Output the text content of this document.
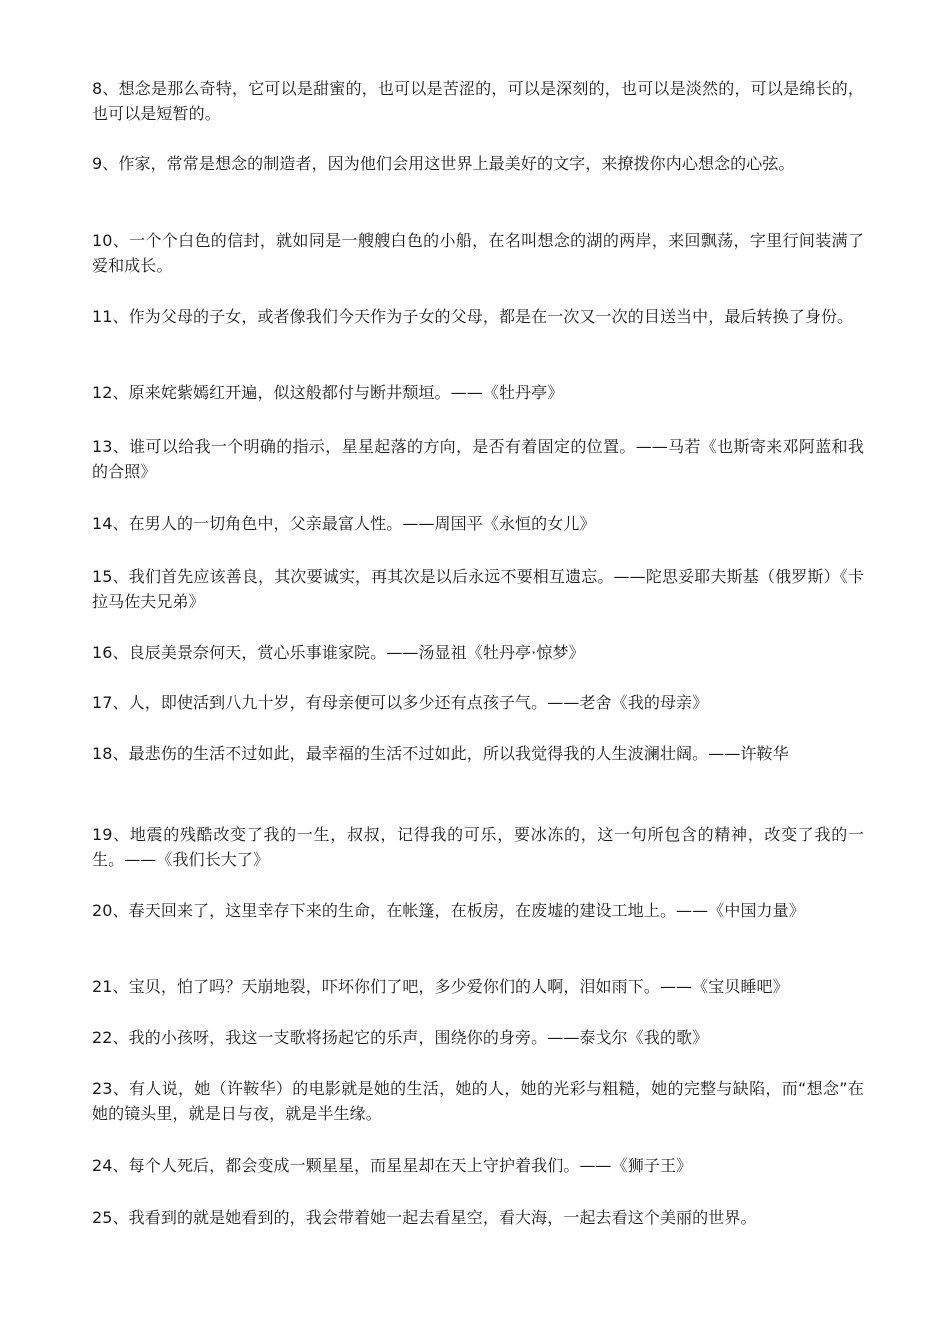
8、想念是那么奇特，它可以是甜蜜的，也可以是苦涩的，可以是深刻的，也可以是淡然的，可以是绵长的，也可以是短暂的。

9、作家，常常是想念的制造者，因为他们会用这世界上最美好的文字，来撩拨你内心想念的心弦。

10、一个个白色的信封，就如同是一艘艘白色的小船，在名叫想念的湖的两岸，来回飘荡，字里行间装满了爱和成长。

11、作为父母的子女，或者像我们今天作为子女的父母，都是在一次又一次的目送当中，最后转换了身份。

12、原来姹紫嫣红开遍，似这般都付与断井颓垣。——《牡丹亭》

13、谁可以给我一个明确的指示，星星起落的方向，是否有着固定的位置。——马若《也斯寄来邓阿蓝和我的合照》

14、在男人的一切角色中，父亲最富人性。——周国平《永恒的女儿》

15、我们首先应该善良，其次要诚实，再其次是以后永远不要相互遗忘。——陀思妥耶夫斯基（俄罗斯）《卡拉马佐夫兄弟》

16、良辰美景奈何天，赏心乐事谁家院。——汤显祖《牡丹亭·惊梦》

17、人，即使活到八九十岁，有母亲便可以多少还有点孩子气。——老舍《我的母亲》

18、最悲伤的生活不过如此，最幸福的生活不过如此，所以我觉得我的人生波澜壮阔。——许鞍华

19、地震的残酷改变了我的一生，叔叔，记得我的可乐，要冰冻的，这一句所包含的精神，改变了我的一生。——《我们长大了》

20、春天回来了，这里幸存下来的生命，在帐篷，在板房，在废墟的建设工地上。——《中国力量》

21、宝贝，怕了吗？天崩地裂，吓坏你们了吧，多少爱你们的人啊，泪如雨下。——《宝贝睡吧》

22、我的小孩呀，我这一支歌将扬起它的乐声，围绕你的身旁。——泰戈尔《我的歌》

23、有人说，她（许鞍华）的电影就是她的生活，她的人，她的光彩与粗糙，她的完整与缺陷，而“想念”在她的镜头里，就是日与夜，就是半生缘。

24、每个人死后，都会变成一颗星星，而星星却在天上守护着我们。——《狮子王》

25、我看到的就是她看到的，我会带着她一起去看星空，看大海，一起去看这个美丽的世界。
